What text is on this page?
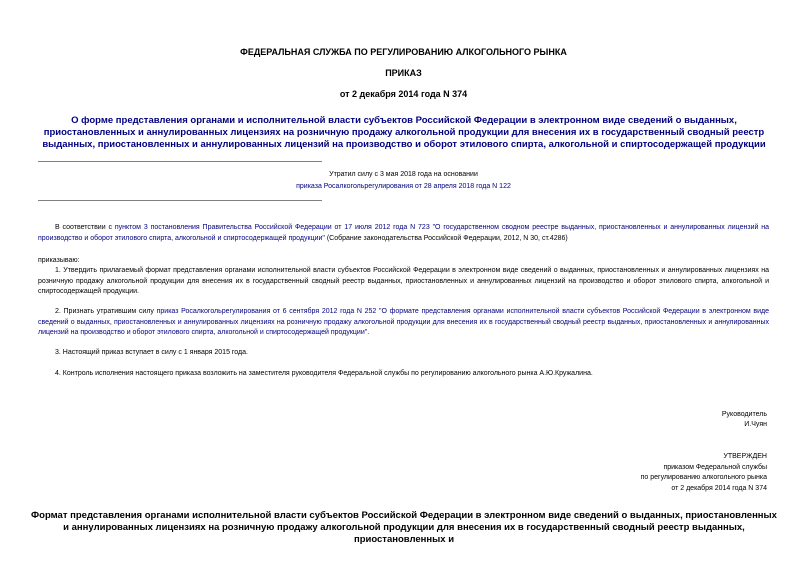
ФЕДЕРАЛЬНАЯ СЛУЖБА ПО РЕГУЛИРОВАНИЮ АЛКОГОЛЬНОГО РЫНКА
ПРИКАЗ
от 2 декабря 2014 года N 374
О форме представления органами и исполнительной власти субъектов Российской Федерации в электронном виде сведений о выданных, приостановленных и аннулированных лицензиях на розничную продажу алкогольной продукции для внесения их в государственный сводный реестр выданных, приостановленных и аннулированных лицензий на производство и оборот этилового спирта, алкогольной и спиртосодержащей продукции
Утратил силу с 3 мая 2018 года на основании
приказа Росалкогольрегулирования от 28 апреля 2018 года N 122
В соответствии с пунктом 3 постановления Правительства Российской Федерации от 17 июля 2012 года N 723 "О государственном сводном реестре выданных, приостановленных и аннулированных лицензий на производство и оборот этилового спирта, алкогольной и спиртосодержащей продукции" (Собрание законодательства Российской Федерации, 2012, N 30, ст.4286)
приказываю:
1. Утвердить прилагаемый формат представления органами исполнительной власти субъектов Российской Федерации в электронном виде сведений о выданных, приостановленных и аннулированных лицензиях на розничную продажу алкогольной продукции для внесения их в государственный сводный реестр выданных, приостановленных и аннулированных лицензий на производство и оборот этилового спирта, алкогольной и спиртосодержащей продукции.
2. Признать утратившим силу приказ Росалкогольрегулирования от 6 сентября 2012 года N 252 "О формате представления органами исполнительной власти субъектов Российской Федерации в электронном виде сведений о выданных, приостановленных и аннулированных лицензиях на розничную продажу алкогольной продукции для внесения их в государственный сводный реестр выданных, приостановленных и аннулированных лицензий на производство и оборот этилового спирта, алкогольной и спиртосодержащей продукции".
3. Настоящий приказ вступает в силу с 1 января 2015 года.
4. Контроль исполнения настоящего приказа возложить на заместителя руководителя Федеральной службы по регулированию алкогольного рынка А.Ю.Кружалина.
Руководитель
И.Чуян
УТВЕРЖДЕН
приказом Федеральной службы
по регулированию алкогольного рынка
от 2 декабря 2014 года N 374
Формат представления органами исполнительной власти субъектов Российской Федерации в электронном виде сведений о выданных, приостановленных и аннулированных лицензиях на розничную продажу алкогольной продукции для внесения их в государственный сводный реестр выданных, приостановленных и
